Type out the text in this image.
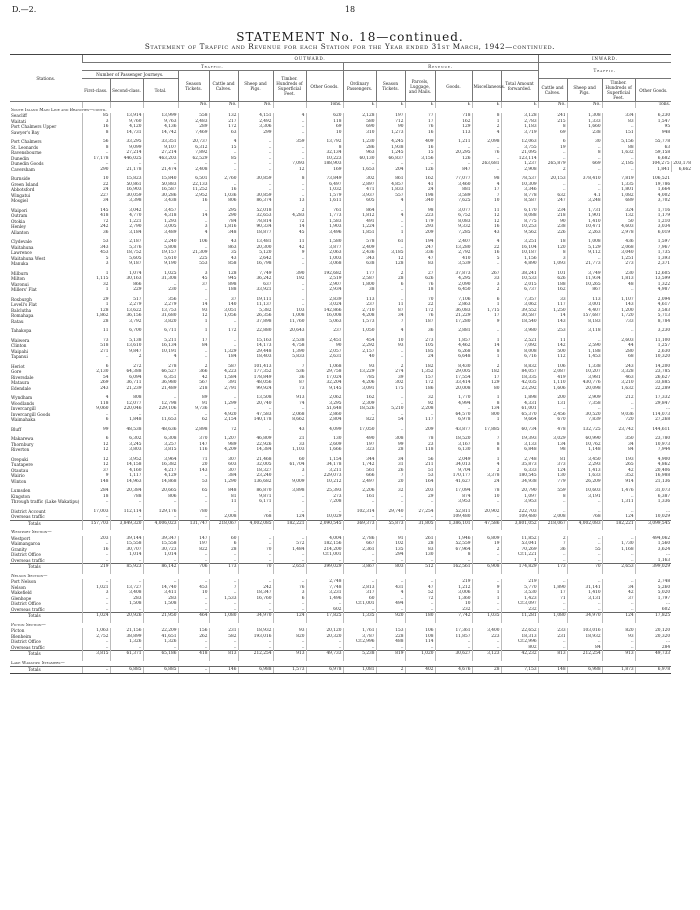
D.—2.	18
STATEMENT No. 18—continued.
Statement of Traffic and Revenue for each Station for the Year ended 31st March, 1942—continued.
Stations.	OUTWARD.														INWARD.				
	Traffic.								Revenue.						Traffic.				
	Number of Passenger Journeys.			Season Tickets.	Cattle and Calves.	Sheep and Pigs.	Timber. Hundreds of Superficial Feet.	Other Goods.	Ordinary Passengers.	Season Tickets.	Parcels, Luggage, and Mails.	Goods.	Miscellaneous.	Total Amount forwarded.					
	First-class.	Second-class.	Total.												Cattle and Calves.	Sheep and Pigs.	Timber. Hundreds of Superficial Feet.	Other Goods.	
				No.	No.	No.		Tons.	£	£	£	£	£	£	No.	No.		Tons.	
South Island Main Line and Branches—contd.																			
Seacliff	85	13,914	13,999	558	132	4,151	4	620	2,128	197	77	718	8	3,128	241	1,308	334	6,230	
Waitati	3	9,760	9,763	2,483	217	2,492	..	118	580	712	17	162	1	2,783	215	1,333	83	1,547	
Port Chalmers Upper	16	4,120	4,136	289	172	3,306	..	69	690	90	76	129	2	1,183	8	1,660	..	95	
Sawyer's Bay	8	14,731	14,742	7,469	63	299	..	10	310	1,273	16	113	4	3,719	69	238	151	948	

Port Chalmers	56	33,295	33,351	20,737	4	..	359	13,792	1,230	4,245	409	1,211	2,098	12,063	6	30	5,156	55,778	
St. Leonards	8	9,099	9,107	6,312	15	..	..	8	286	1,938	16	..	..	3,755	19	..	88	63	
Ravensbourne	..	27,214	27,214	7,892	..	..	..	32,134	963	1,245	15	20,295	76	21,095	..	8	1,632	59,158	
Dunedin	17,178	446,025	463,203	62,529	85	..	..	10,223	60,130	66,837	3,156	126	..	123,114	..	..	..	6,682	
Dunedin Goods	..	..	..	..	..	..	7,093	188,903	..	..	..	..	263,681	1,237	265,879	669	2,185	104,275	203,178
Caversham	290	21,178	21,474	2,408	..	..	12	169	1,653	204	126	847	..	2,908	2	..	..	1,841	6,662

Burnside	10	15,823	15,840	6,501	2,760	30,859	8	73,849	302	861	162	77,077	98	78,537	20,153	378,410	7,819	106,521	
Green Island	22	50,861	50,883	22,133	..	..	..	6,497	2,897	4,857	41	3,460	4	10,309	..	..	1,335	19,786	
Abbotsford	24	16,903	16,587	11,252	16	..	..	1,032	471	1,833	24	881	17	3,346	..	..	1,801	1,664	
Wingatui	227	30,059	30,286	2,952	1,036	30,859	..	1,579	3,937	557	198	3,589	7	8,778	632	4.1	1,082	4,002	
Mosgiel	34	3,398	3,438	16	806	86,374	13	1,611	605	4	340	7,625	10	8,587	247	3,248	689	3,702	

Waipori	145	3,042	3,457	..	295	52,018	2	761	864	..	98	3,077	11	6,170	234	1,731	324	1,716	
Outram	418	4,770	4,318	14	290	32,653	4,283	1,773	1,812	4	223	6,752	12	8,088	218	1,901	132	1,179	
Otokia	72	1,221	1,293	..	784	78,814	72	1,583	491	..	179	8,083	12	8,775	90	1,410	50	1,210	
Henley	242	2,790	3,005	3	1,816	90,334	14	1,903	1,224	..	293	9,332	16	10,253	238	10,471	4,603	3,034	
Allanton	36	3,184	3,489	4	348	18,877	45	3,496	1,851	1	209	7,285	43	9,562	226	2,263	2,978	6,019	

Clydevale	53	2,187	2,240	106	43	13,481	11	1,580	578	61	194	2,407	4	3,251	18	1,008	436	1,597	
Waitahuna	343	5,376	5,808	..	863	20,300	42	3,877	2,409	..	247	13,280	22	16,104	120	5,129	2,068	7,967	
Lawrence	453	18,752	19,157	21,309	35	5,120	9	2,063	2,436	3,185	336	2,792	16	10,187	8	9,112	3,040	1,735	
Waitahuna West	5	5,605	5,610	225	43	2,642	..	1,003	343	12	47	410	5	1,156	3	..	1,251	1,393	
Manuka	3	9,187	9,190	553	858	16,798	..	3,068	638	128	83	3,539	..	4,890	1,093	21,773	273	2,371	

Milburn	1	1,074	1,025	3	128	7,749	390	192,682	177	2	27	37,873	267	38,241	101	3,749	230	12,605	
Milton	1,115	30,163	31,308	45	945	36,242	192	2,519	2,587	28	626	4,295	33	10,533	626	11,934	1,813	13,599	
Waronui	32	866	..	37	898	637	..	2,907	1,800	6	76	2,090	3	2,015	188	10,265	48	1,322	
Millers' Flat	1	229	230	..	188	33,921	..	2,934	38	..	18	6,450	2	6,737	162	867	..	4,987	

Roxburgh	29	517	356	..	37	19,111	..	2,839	113	..	70	7,106	6	7,357	33	113	1,107	2,094	
Lovell's Flat	1	2,279	2,279	14	140	11,137	..	3,024	237	11	22	2,863	1	3,062	117	3,001	143	4,617	
Balclutha	128	13,622	13,753	93	3,051	5,382	103	142,866	2,710	87	172	36,083	1,715	39,552	1,250	4,407	1,200	3,583	
Romahapa	1,862	36,156	31,680	12	1,056	26,356	1,008	16,008	4,208	34	76	21,229	17	30,587	14	157,687	1,720	5,713	
Ratau	28	3,792	3,820	1	..	37,898	11,760	5,063	1,573	7	187	17,280	9	18,540	143	8,183	733	8,784	

Tahakopa	11	6,700	6,711	1	172	22,880	20,643	237	1,050	4	36	2,881	..	3,980	253	3,118	..	3,230	

Waiwera	73	5,138	5,211	17	..	15,163	2,538	2,451	454	10	273	1,857	1	2,521	11	..	2,603	11,100	
Clinton	518	13,610	16,134	84	..	14,173	4,758	90	2,292	93	105	4,462	14	7,092	142	2,590	44	1,257	
Waipahi	271	9,847	10,191	..	1,329	29,448	1,390	2,057	2,157	..	185	6,268	8	8,008	500	1,188	280	2,630	
Tapanui	..	2	4	..	184	18,403	5,833	2,631	40	..	24	6,648	1	6,716	112	1,453	68	10,320	

Heriot	6	272	278	2	587	101,413	7	1,068	93	2	182	8,430	2	8,832	106	1,338	243	14,200	
Gore	2,130	64,388	66,527	366	4,223	177,352	536	29,758	13,229	274	1,352	29,005	182	84,057	2,087	10,207	3,328	23,785	
Riversdale	54	6,094	6,351	42	1,584	178,849	36	17,024	785	39	157	17,554	17	18,335	419	3,981	463	26,627	
Mataura	269	36,711	36,980	567	391	48,056	87	32,204	4,206	302	172	33,414	129	42,035	1,110	430,776	3,210	33,885	
Edendale	243	21,239	21,489	218	2,791	99,924	73	9,145	3,091	175	186	20,008	80	23,292	1,606	20,098	1,632	22,289	

Wyndham	4	808	..	89	..	13,508	913	2,062	162	..	32	1,770	1	1,898	200	2,909	212	17,332	
Woodlands	118	12,077	12,798	91	1,299	20,740	74	3,295	2,309	..	92	4,994	8	4,331	131	7,358	..	29,847	
Invercargill	9,060	220,046	229,106	9,736	..	..	..	51,648	18,526	5,210	2,208	..	134	61,001	..	..	..	...	
Invercargill Goods	..	..	..	..	4,920	47,583	2,068	2,860	..	..	..	64,570	800	65,370	2,456	30,520	9,036	114,073	
Waimahaka	6	1,848	11,653	62	2,154	140,178	8,662	2,804	822	54	117	6,978	1	9,664	670	7,839	720	27,268	

Bluff	99	48,538	48,636	2,898	72	..	43	4,099	17,050	..	209	43,877	17,885	60,734	478	132,725	23,742	144,611	

Makarewa	6	6,302	6,308	370	1,207	46,809	21	130	490	308	78	18,520	7	19,393	3,029	60,990	350	23,780	
Thornbury	12	3,245	3,257	147	989	22,926	33	2,609	197	99	23	3,167	8	3,133	134	10,762	34	10,973	
Riverton	12	3,803	3,815	116	4,209	14,384	1,103	1,666	323	28	118	6,130	8	6,848	98	1,148	84	7,944	

Orepuki	12	3,952	3,964	71	307	21,468	60	1,154	344	34	56	2,049	1	2,748	81	3,450	193	4,900	
Tuatapere	12	14,158	16,382	20	603	32,005	61,704	34,178	1,742	31	211	34,013	4	35,873	373	2,293	265	4,862	
Otautau	37	4,160	4,217	143	307	18,327	3	3,211	561	26	51	9,704	2	6,333	124	1,413	42	20,406	
Wairio	9	1,117	4,129	..	384	23,240	..	229,073	666	7	53	170,177	3,378	180,545	130	1,633	352	16,988	
Winton	148	14,963	14,868	53	1,290	136,682	9,009	10,212	2,497	20	164	41,627	24	34,938	779	26,209	914	21,136	

Lumsden	284	20,384	20,665	65	848	86,870	3,898	25,393	2,206	32	203	17,094	78	20,790	559	10,603	1,476	31,073	
Kingston	18	788	806	..	81	9,871	..	273	161	..	29	874	10	1,097	8	3,191	..	6,387	
Through traffic (Lake Wakatipu)	..	..	..	..	11	6,171	..	7,208	..	..	..	3,953	..	3,953	..	..	1,311	1,336	

District Account	17,003	112,114	129,176	780	..	..	..	..	102,314	29,740	27,254	52,811	20,902	222,703	..	..	..	...	
Overseas traffic	..	..	..	..	2,008	768	124	10,029	..	..	..	109,480	..	109,480	2,008	768	124	10,029	
Totals	157,703	3,849,320	4,006,023	131,747	218,067	4,002,085	182,221	2,090,545	369,373	55,873	31,805	1,386,101	47,586	3,801,052	218,067	4,002,083	182,221	3,099,545	

Westport Section—																			
Westport	203	39,144	39,347	147	60	..	..	4,004	2,786	91	261	1,946	6,809	11,852	2	..	..	494,062	
Waimangaroa	..	15,558	15,558	197	6	..	572	182,156	667	102	28	52,559	19	53,041	7	..	1,730	1,560	
Granity	16	30,707	30,723	822	28	70	1,484	214,200	2,361	135	83	67,964	2	70,269	36	55	1,168	3,624	
District Office	..	1,014	1,014	..	..	..	..	Cr.1,001	..	294	130	8	..	Cr.1,221	..	..	..	...	
Overseas traffic	..	..	..	..	..	..	..	..	..	..	..	..	..	1	..	..	..	1,163	
Totals	219	85,923	86,142	706	173	70	2,653	399,029	3,867	803	512	162,561	6,908	174,829	173	70	2,653	399,029	

Nelson Section—																			
Port Nelson	..	..	..	..	..	..	..	2,748	..	..	..	219	..	219	..	..	..	2,748	
Nelson	1,021	13,727	14,740	453	7	242	76	7,748	2,813	431	47	1,212	9	5,770	1,890	31,141	34	5,260	
Wakefield	3	3,408	3,411	10	..	18,347	3	3,231	317	4	52	3,006	1	3,530	17	1,410	42	5,020	
Glenhope	..	283	283	..	1,533	16,760	6	1,496	60	..	72	1,360	1	1,423	71	3,131	37	1,797	
District Office	..	1,508	1,508	..	..	..	..	..	Cr.1,001	494	..	10	..	Cr.3,097	..	..	..	...	
Overseas traffic	..	..	..	..	..	..	..	602	..	..	..	232	..	232	..	..	..	602	
Totals	1,024	20,926	21,950	464	1,080	34,970	124	17,825	1,335	920	180	7,742	1,035	11,281	1,080	34,970	124	17,825	

Picton Section—																			
Picton	1,063	21,156	22,209	156	231	18,932	93	20,120	1,761	153	106	17,361	3,400	22,652	233	103,016	820	20,120	
Blenheim	2,752	38,899	41,651	262	582	193,016	820	20,320	3,787	228	108	11,857	223	18,313	231	18,932	93	20,320	
District Office	..	1,326	1,326	..	..	..	..	..	Cr.2,996	488	114	..	..	Cr.2,996	..	..	..	...	
Overseas traffic	..	..	..	..	..	..	..	..	..	..	..	..	..	802	..	84	..	284	
Totals	3,815	61,371	65,186	418	813	212,254	913	49,733	5,238	819	1,020	30,627	3,123	42,232	813	212,254	913	49,733	

Lake Wakatipu Steamers—																			
Totals	..	6,885	6,885	..	146	6,988	1,573	6,978	1,081	2	402	4,676	28	7,153	148	6,988	1,873	6,978	
